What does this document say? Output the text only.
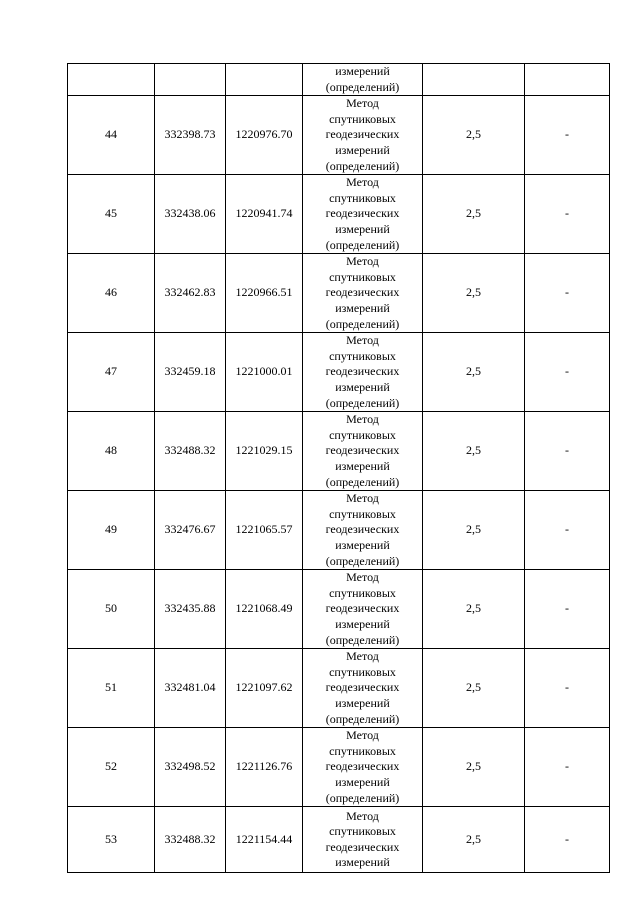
			измерений
(определений)		

44	332398.73	1220976.70	Метод
спутниковых
геодезических
измерений
(определений)	2,5	-
45	332438.06	1220941.74	Метод
спутниковых
геодезических
измерений
(определений)	2,5	-
46	332462.83	1220966.51	Метод
спутниковых
геодезических
измерений
(определений)	2,5	-
47	332459.18	1221000.01	Метод
спутниковых
геодезических
измерений
(определений)	2,5	-
48	332488.32	1221029.15	Метод
спутниковых
геодезических
измерений
(определений)	2,5	-
49	332476.67	1221065.57	Метод
спутниковых
геодезических
измерений
(определений)	2,5	-
50	332435.88	1221068.49	Метод
спутниковых
геодезических
измерений
(определений)	2,5	-
51	332481.04	1221097.62	Метод
спутниковых
геодезических
измерений
(определений)	2,5	-
52	332498.52	1221126.76	Метод
спутниковых
геодезических
измерений
(определений)	2,5	-
53	332488.32	1221154.44	Метод
спутниковых
геодезических
измерений	2,5	-
